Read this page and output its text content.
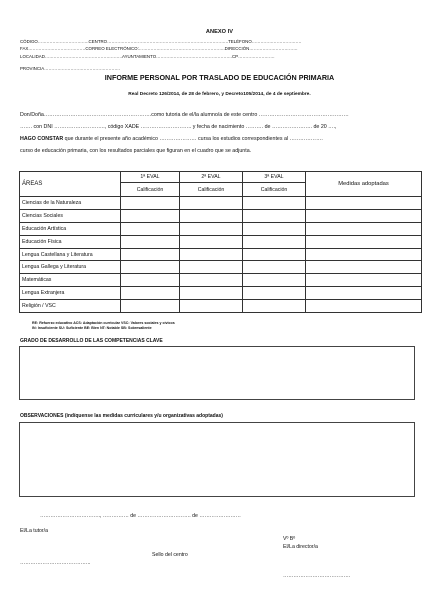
ANEXO IV
CÓDIGO……………………………..CENTRO………………………………………………………………………..TELÉFONO…………………………….
FAX…………………………………CORREO ELECTRÓNICO:…………………………………………………..DIRECCIÓN……………………………
LOCALIDAD……………………………………………..AYUNTAMIENTO…………………………………………….CP…………………….
PROVINCIA…………………………………………….
INFORME PERSONAL POR TRASLADO DE EDUCACIÓN PRIMARIA
Real Decreto 126/2014, de 28 de febrero, y Decreto105/2014, de 4 de septiembre.
Don/Doña…………………………………………………….como tutoria de el/la alumno/a de este centro ……………………………………………
……. con DNI ……………………….., código XADE ……………………….. y fecha de nacimiento ………. de ………………….. de 20 ….,
HAGO CONSTAR que durante el presente año académico ………………… cursa los estudios correspondientes al ……………….
curso de educación primaria, con los resultados parciales que figuran en el cuadro que se adjunta.
ÁREAS	1ª EVAL	2ª EVAL	3ª EVAL	Medidas adoptadas
	Calificación	Calificación	Calificación	
Ciencias de la Naturaleza				
Ciencias Sociales				
Educación Artística				
Educación Física				
Lengua Castellana y Literatura				
Lengua Gallega y Literatura				
Matemáticas				
Lengua Extranjera				
Religión / VSC				
RE: Refuerzo educativo ACS: Adaptación curricular VSC: Valores sociales y cívicos
IN: Insuficiente SU: Suficiente BE: Bien NT: Notable SB: Sobresaliente
GRADO DE DESARROLLO DE LAS COMPETENCIAS CLAVE
OBSERVACIONES (indíquense las medidas curriculares y/u organizativas adoptadas)
…………………………….., …………… de …………………………. de ……………………
El/La tutor/a
Vº Bº
El/La director/a
Sello del centro
…………………………………..
…………………………………
